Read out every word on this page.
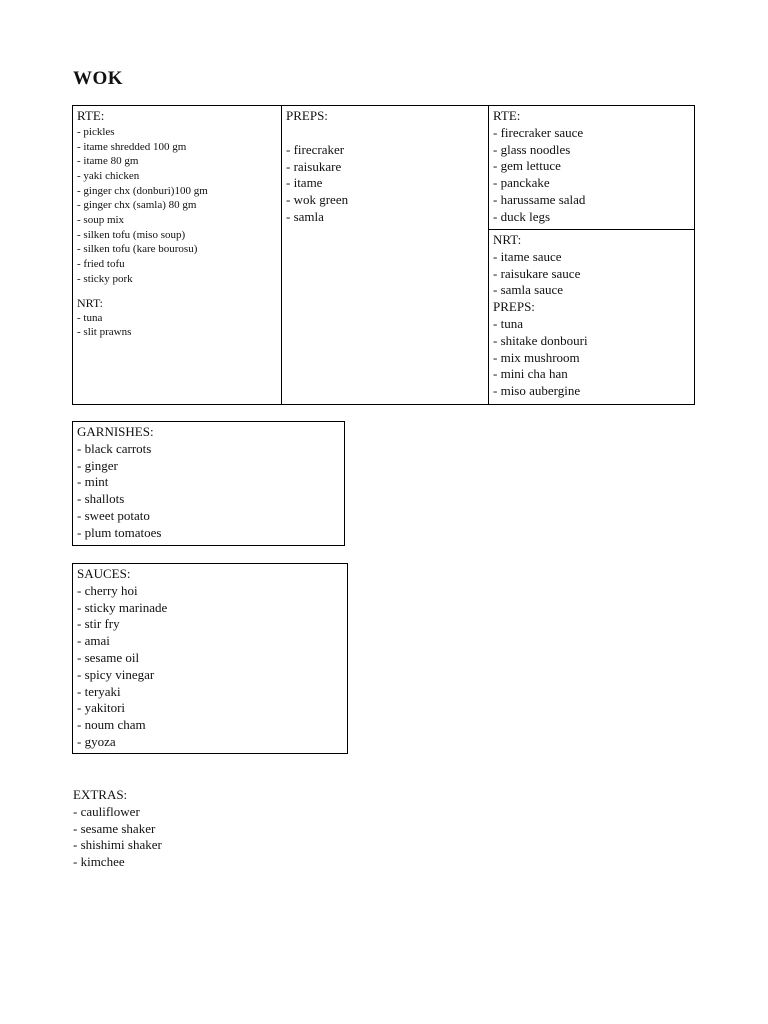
WOK
RTE:
- pickles
- itame shredded 100 gm
- itame 80 gm
- yaki chicken
- ginger chx (donburi)100 gm
- ginger chx (samla) 80 gm
- soup mix
- silken tofu (miso soup)
- silken tofu (kare bourosu)
- fried tofu
- sticky pork
NRT:
- tuna
- slit prawns
PREPS:
- firecraker
- raisukare
- itame
- wok green
- samla
RTE:
- firecraker sauce
- glass noodles
- gem lettuce
- panckake
- harussame salad
- duck legs
NRT:
- itame sauce
- raisukare sauce
- samla sauce
PREPS:
- tuna
- shitake donbouri
- mix mushroom
- mini cha han
- miso aubergine
GARNISHES:
- black carrots
- ginger
- mint
- shallots
- sweet potato
- plum tomatoes
SAUCES:
- cherry hoi
- sticky marinade
- stir fry
- amai
- sesame oil
- spicy vinegar
- teryaki
- yakitori
- noum cham
- gyoza
EXTRAS:
- cauliflower
- sesame shaker
- shishimi shaker
- kimchee
